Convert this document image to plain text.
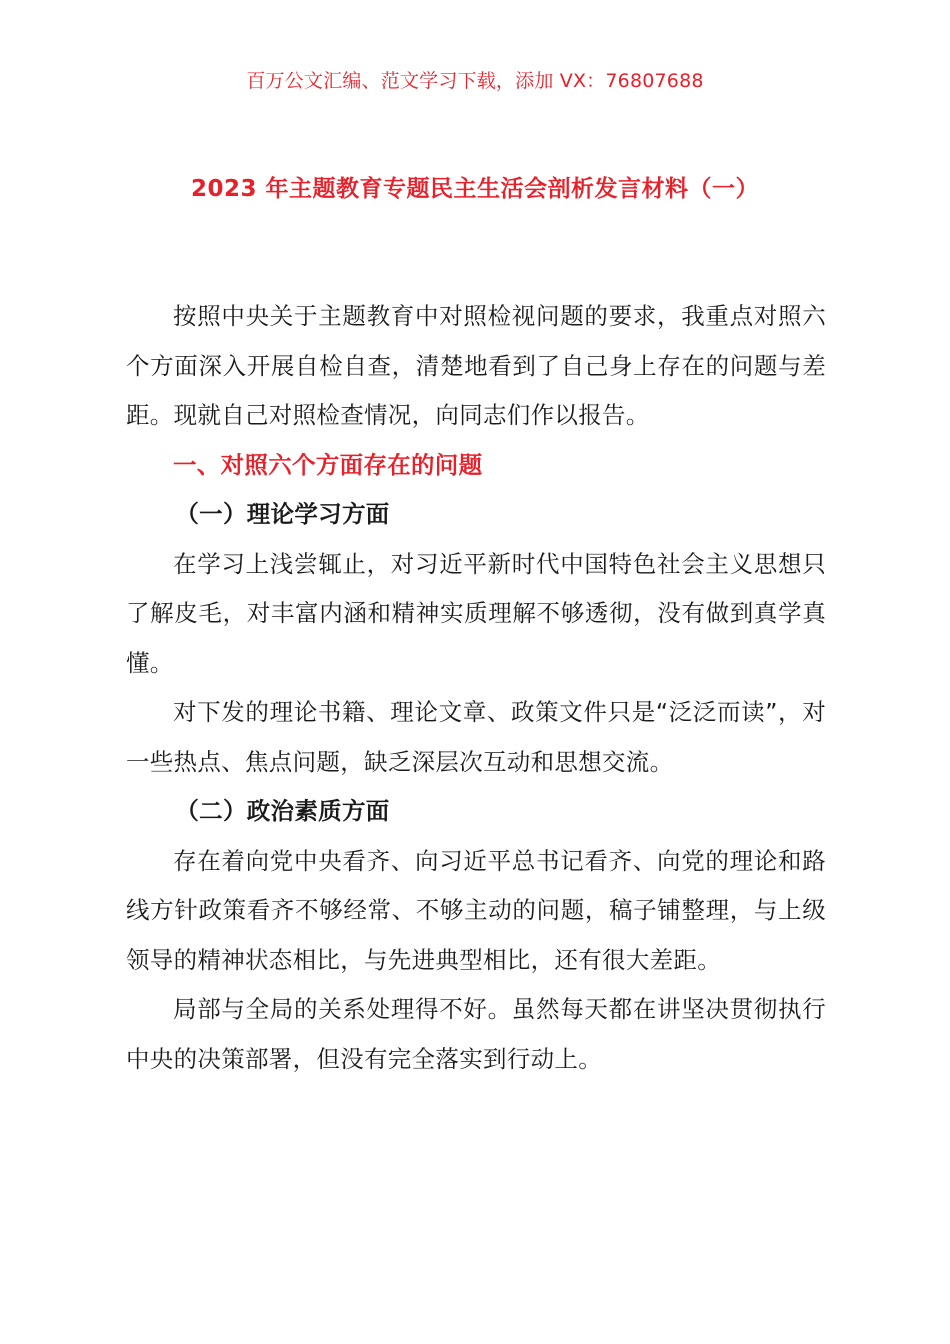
百万公文汇编、范文学习下载，添加 VX：76807688
2023 年主题教育专题民主生活会剖析发言材料（一）

按照中央关于主题教育中对照检视问题的要求，我重点对照六个方面深入开展自检自查，清楚地看到了自己身上存在的问题与差距。现就自己对照检查情况，向同志们作以报告。

一、对照六个方面存在的问题

（一）理论学习方面

在学习上浅尝辄止，对习近平新时代中国特色社会主义思想只了解皮毛，对丰富内涵和精神实质理解不够透彻，没有做到真学真懂。

对下发的理论书籍、理论文章、政策文件只是“泛泛而读”，对一些热点、焦点问题，缺乏深层次互动和思想交流。

（二）政治素质方面

存在着向党中央看齐、向习近平总书记看齐、向党的理论和路线方针政策看齐不够经常、不够主动的问题，稿子铺整理，与上级领导的精神状态相比，与先进典型相比，还有很大差距。

局部与全局的关系处理得不好。虽然每天都在讲坚决贯彻执行中央的决策部署，但没有完全落实到行动上。
